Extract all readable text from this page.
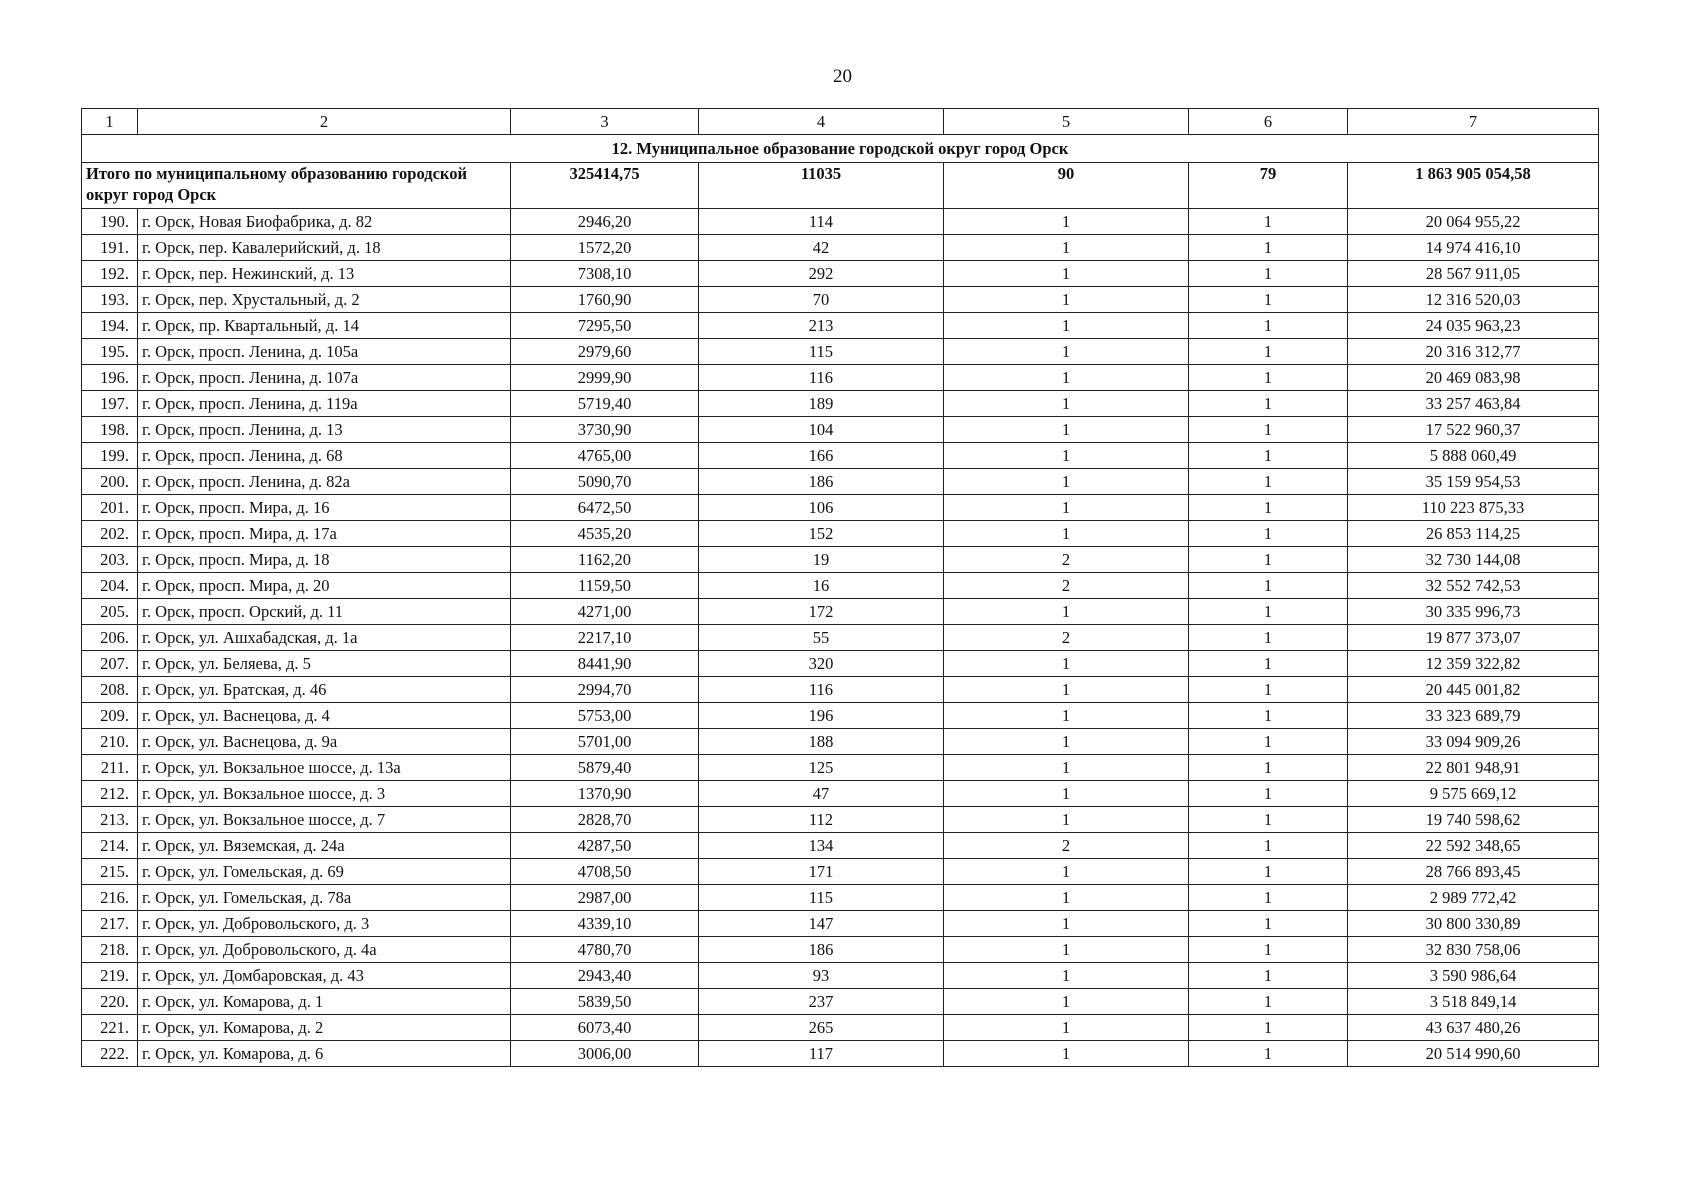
20
1	2	3	4	5	6	7
12. Муниципальное образование городской округ город Орск						
Итого по муниципальному образованию городской округ город Орск		325414,75	11035	90	79	1 863 905 054,58
190.	г. Орск, Новая Биофабрика, д. 82	2946,20	114	1	1	20 064 955,22
191.	г. Орск, пер. Кавалерийский, д. 18	1572,20	42	1	1	14 974 416,10
192.	г. Орск, пер. Нежинский, д. 13	7308,10	292	1	1	28 567 911,05
193.	г. Орск, пер. Хрустальный, д. 2	1760,90	70	1	1	12 316 520,03
194.	г. Орск, пр. Квартальный, д. 14	7295,50	213	1	1	24 035 963,23
195.	г. Орск, просп. Ленина, д. 105а	2979,60	115	1	1	20 316 312,77
196.	г. Орск, просп. Ленина, д. 107а	2999,90	116	1	1	20 469 083,98
197.	г. Орск, просп. Ленина, д. 119а	5719,40	189	1	1	33 257 463,84
198.	г. Орск, просп. Ленина, д. 13	3730,90	104	1	1	17 522 960,37
199.	г. Орск, просп. Ленина, д. 68	4765,00	166	1	1	5 888 060,49
200.	г. Орск, просп. Ленина, д. 82а	5090,70	186	1	1	35 159 954,53
201.	г. Орск, просп. Мира, д. 16	6472,50	106	1	1	110 223 875,33
202.	г. Орск, просп. Мира, д. 17а	4535,20	152	1	1	26 853 114,25
203.	г. Орск, просп. Мира, д. 18	1162,20	19	2	1	32 730 144,08
204.	г. Орск, просп. Мира, д. 20	1159,50	16	2	1	32 552 742,53
205.	г. Орск, просп. Орский, д. 11	4271,00	172	1	1	30 335 996,73
206.	г. Орск, ул. Ашхабадская, д. 1а	2217,10	55	2	1	19 877 373,07
207.	г. Орск, ул. Беляева, д. 5	8441,90	320	1	1	12 359 322,82
208.	г. Орск, ул. Братская, д. 46	2994,70	116	1	1	20 445 001,82
209.	г. Орск, ул. Васнецова, д. 4	5753,00	196	1	1	33 323 689,79
210.	г. Орск, ул. Васнецова, д. 9а	5701,00	188	1	1	33 094 909,26
211.	г. Орск, ул. Вокзальное шоссе, д. 13а	5879,40	125	1	1	22 801 948,91
212.	г. Орск, ул. Вокзальное шоссе, д. 3	1370,90	47	1	1	9 575 669,12
213.	г. Орск, ул. Вокзальное шоссе, д. 7	2828,70	112	1	1	19 740 598,62
214.	г. Орск, ул. Вяземская, д. 24а	4287,50	134	2	1	22 592 348,65
215.	г. Орск, ул. Гомельская, д. 69	4708,50	171	1	1	28 766 893,45
216.	г. Орск, ул. Гомельская, д. 78а	2987,00	115	1	1	2 989 772,42
217.	г. Орск, ул. Добровольского, д. 3	4339,10	147	1	1	30 800 330,89
218.	г. Орск, ул. Добровольского, д. 4а	4780,70	186	1	1	32 830 758,06
219.	г. Орск, ул. Домбаровская, д. 43	2943,40	93	1	1	3 590 986,64
220.	г. Орск, ул. Комарова, д. 1	5839,50	237	1	1	3 518 849,14
221.	г. Орск, ул. Комарова, д. 2	6073,40	265	1	1	43 637 480,26
222.	г. Орск, ул. Комарова, д. 6	3006,00	117	1	1	20 514 990,60
